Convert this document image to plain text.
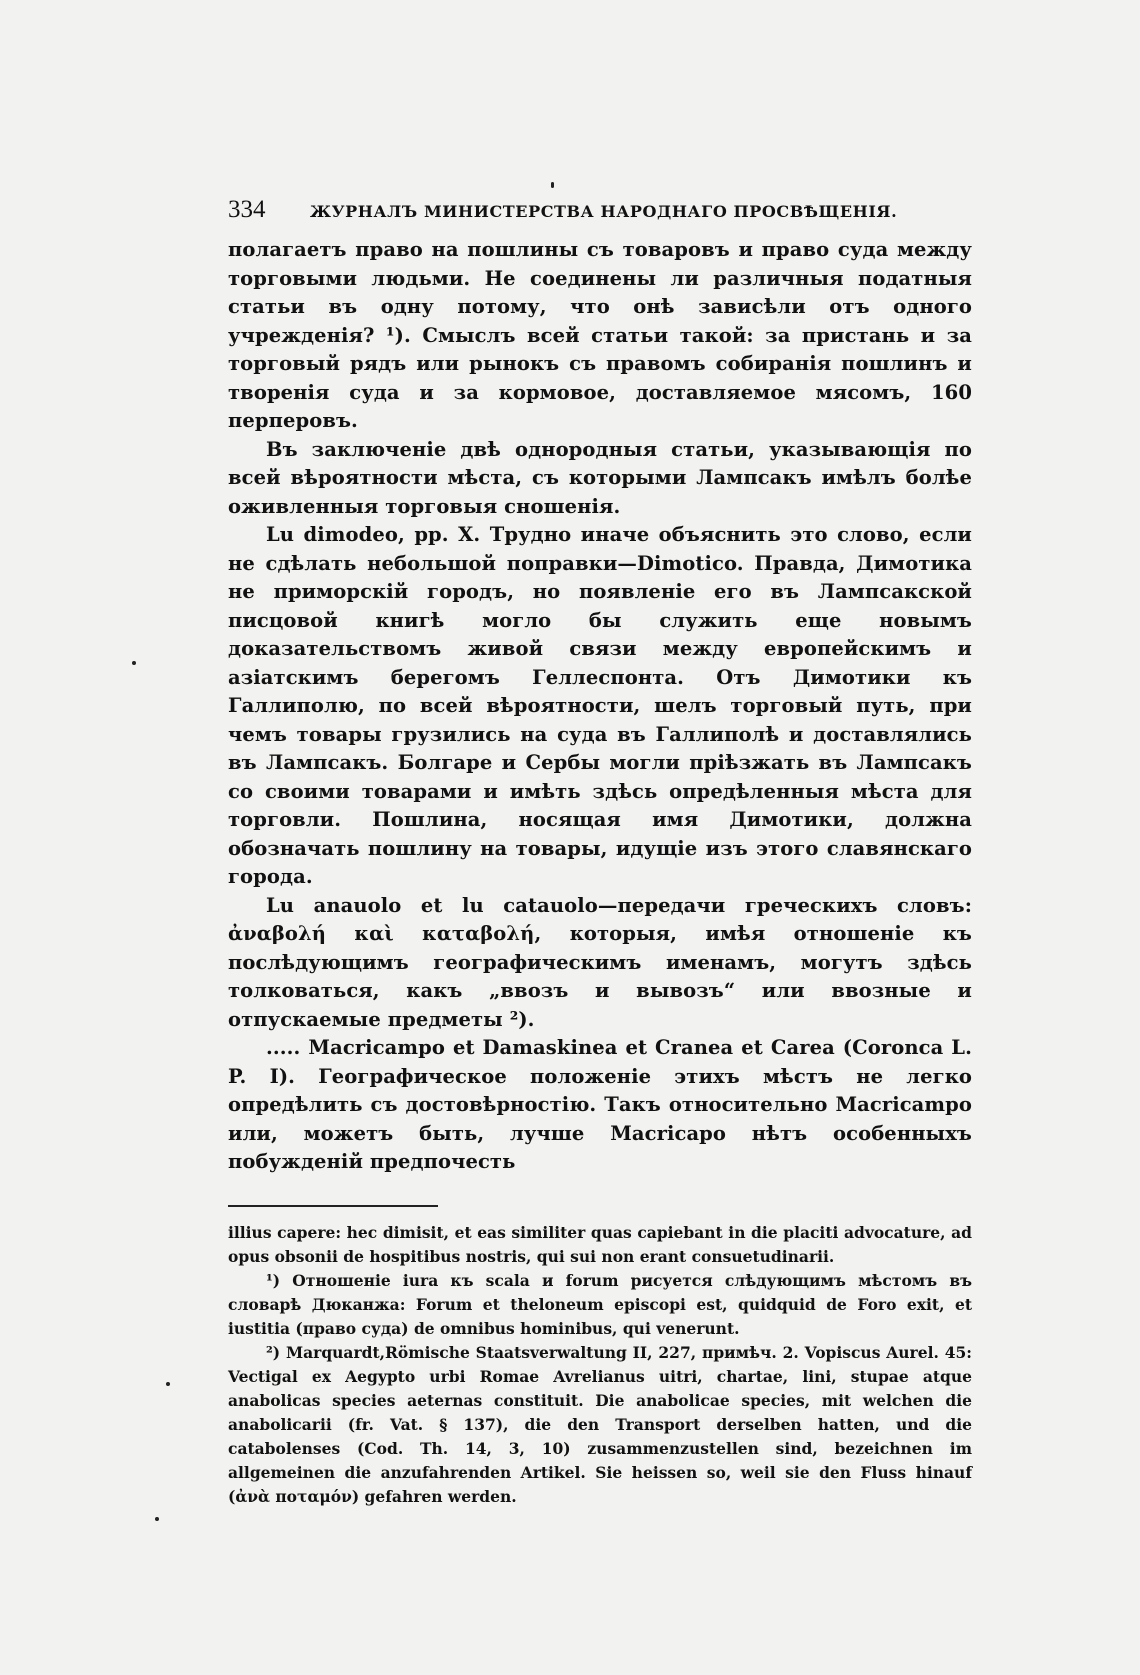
334	ЖУРНАЛЪ МИНИСТЕРСТВА НАРОДНАГО ПРОСВѢЩЕНІЯ.

полагаетъ право на пошлины съ товаровъ и право суда между торговыми людьми. Не соединены ли различныя податныя статьи въ одну потому, что онѣ зависѣли отъ одного учрежденія? ¹). Смыслъ всей статьи такой: за пристань и за торговый рядъ или рынокъ съ правомъ собиранія пошлинъ и творенія суда и за кормовое, доставляемое мясомъ, 160 перперовъ.

Въ заключеніе двѣ однородныя статьи, указывающія по всей вѣроятности мѣста, съ которыми Лампсакъ имѣлъ болѣе оживленныя торговыя сношенія.

Lu dimodeo, pp. X. Трудно иначе объяснить это слово, если не сдѣлать небольшой поправки—Dimotico. Правда, Димотика не приморскій городъ, но появленіе его въ Лампсакской писцовой книгѣ могло бы служить еще новымъ доказательствомъ живой связи между европейскимъ и азіатскимъ берегомъ Геллеспонта. Отъ Димотики къ Галлиполю, по всей вѣроятности, шелъ торговый путь, при чемъ товары грузились на суда въ Галлиполѣ и доставлялись въ Лампсакъ. Болгаре и Сербы могли пріѣзжать въ Лампсакъ со своими товарами и имѣть здѣсь опредѣленныя мѣста для торговли. Пошлина, носящая имя Димотики, должна обозначать пошлину на товары, идущіе изъ этого славянскаго города.

Lu anauolo et lu catauolo—передачи греческихъ словъ: ἀναβολή καὶ καταβολή, которыя, имѣя отношеніе къ послѣдующимъ географическимъ именамъ, могутъ здѣсь толковаться, какъ „ввозъ и вывозъ“ или ввозные и отпускаемые предметы ²).

..... Macricampo et Damaskinea et Cranea et Carea (Coronca L. P. I). Географическое положеніе этихъ мѣстъ не легко опредѣлить съ достовѣрностію. Такъ относительно Macricampo или, можетъ быть, лучше Macricapo нѣтъ особенныхъ побужденій предпочесть

illius capere: hec dimisit, et eas similiter quas capiebant in die placiti advocature, ad opus obsonii de hospitibus nostris, qui sui non erant consuetudinarii.

¹) Отношеніе iura къ scala и forum рисуется слѣдующимъ мѣстомъ въ словарѣ Дюканжа: Forum et theloneum episcopi est, quidquid de Foro exit, et iustitia (право суда) de omnibus hominibus, qui venerunt.

²) Marquardt,Römische Staatsverwaltung II, 227, примѣч. 2. Vopiscus Aurel. 45: Vectigal ex Aegypto urbi Romae Avrelianus uitri, chartae, lini, stupae atque anabolicas species aeternas constituit. Die anabolicae species, mit welchen die anabolicarii (fr. Vat. § 137), die den Transport derselben hatten, und die catabolenses (Cod. Th. 14, 3, 10) zusammenzustellen sind, bezeichnen im allgemeinen die anzufahrenden Artikel. Sie heissen so, weil sie den Fluss hinauf (ἀνὰ ποταμόν) gefahren werden.
